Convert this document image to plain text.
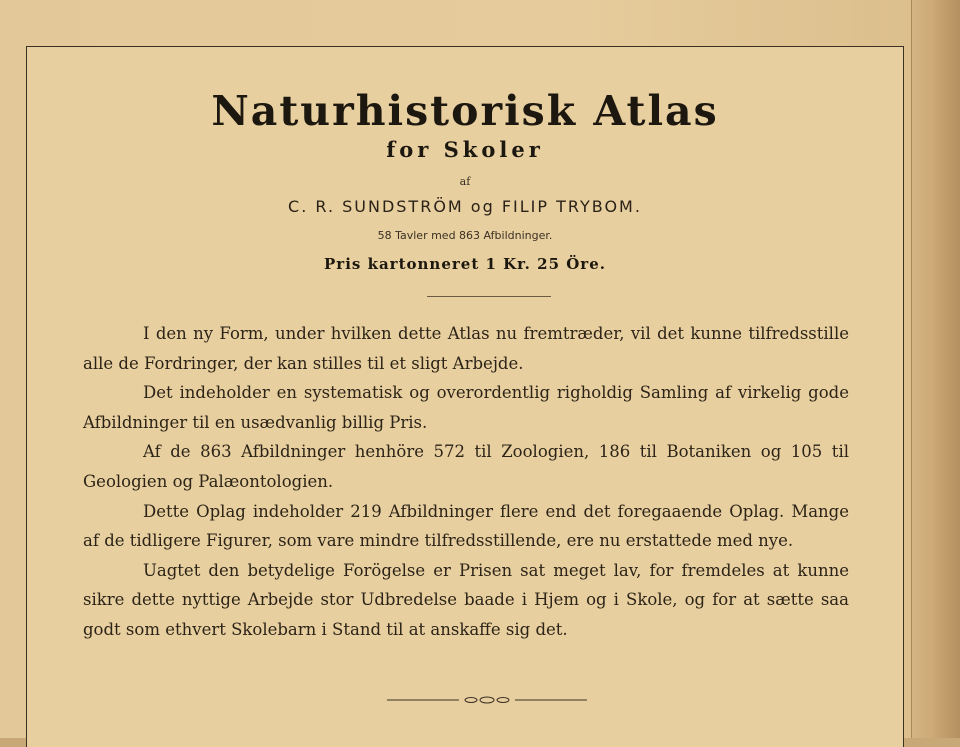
Naturhistorisk Atlas
for Skoler
af
C. R. SUNDSTRÖM og FILIP TRYBOM.
58 Tavler med 863 Afbildninger.
Pris kartonneret 1 Kr. 25 Öre.

I den ny Form, under hvilken dette Atlas nu fremtræder, vil det kunne tilfredsstille alle de Fordringer, der kan stilles til et sligt Arbejde.

Det indeholder en systematisk og overordentlig righoldig Samling af virkelig gode Afbildninger til en usædvanlig billig Pris.

Af de 863 Afbildninger henhöre 572 til Zoologien, 186 til Botaniken og 105 til Geologien og Palæontologien.

Dette Oplag indeholder 219 Afbildninger flere end det foregaaende Oplag. Mange af de tidligere Figurer, som vare mindre tilfredsstillende, ere nu erstattede med nye.

Uagtet den betydelige Forögelse er Prisen sat meget lav, for fremdeles at kunne sikre dette nyttige Arbejde stor Udbredelse baade i Hjem og i Skole, og for at sætte saa godt som ethvert Skolebarn i Stand til at anskaffe sig det.
